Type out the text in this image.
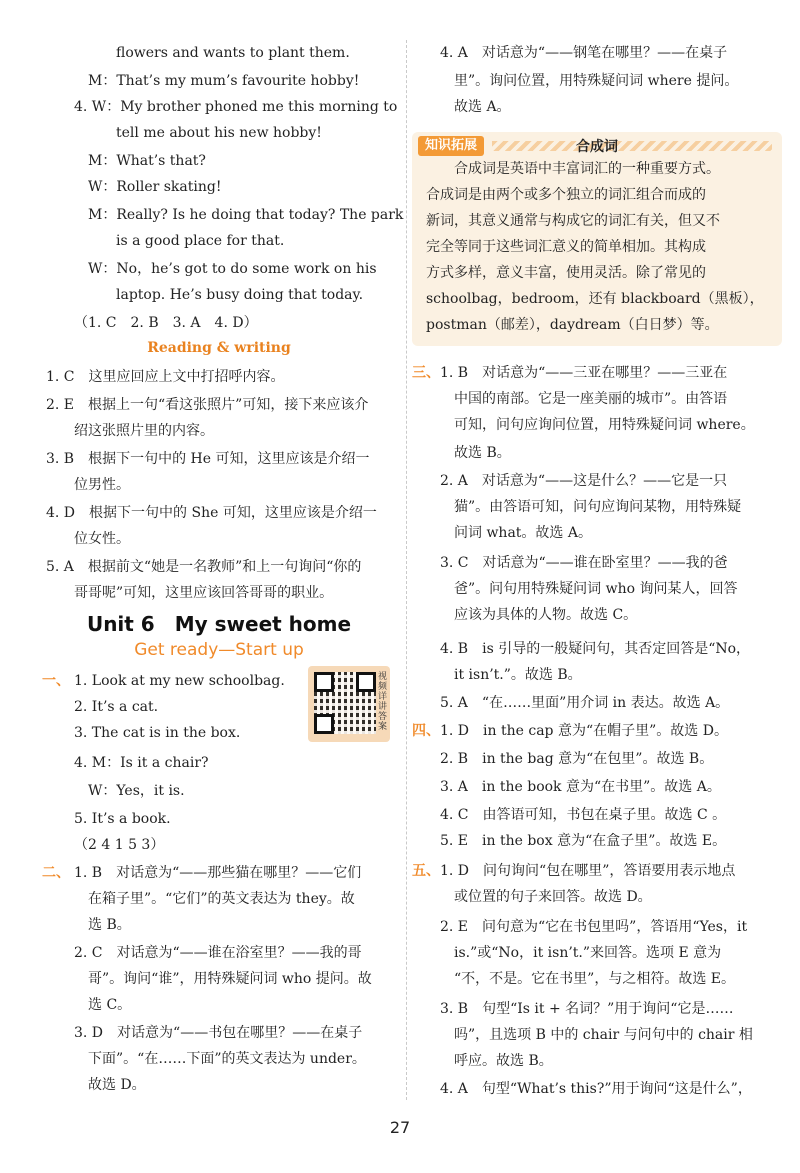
flowers and wants to plant them.
M：That’s my mum’s favourite hobby!
4. W：My brother phoned me this morning to
tell me about his new hobby!
M：What’s that?
W：Roller skating!
M：Really? Is he doing that today? The park
is a good place for that.
W：No，he’s got to do some work on his
laptop. He’s busy doing that today.
（1. C　2. B　3. A　4. D）
Reading & writing
1. C　这里应回应上文中打招呼内容。
2. E　根据上一句“看这张照片”可知，接下来应该介
绍这张照片里的内容。
3. B　根据下一句中的 He 可知，这里应该是介绍一
位男性。
4. D　根据下一句中的 She 可知，这里应该是介绍一
位女性。
5. A　根据前文“她是一名教师”和上一句询问“你的
哥哥呢”可知，这里应该回答哥哥的职业。
Unit 6　My sweet home
Get ready—Start up
一、 1. Look at my new schoolbag.
2. It’s a cat.
3. The cat is in the box.
4. M：Is it a chair?
W：Yes，it is.
5. It’s a book.
（2 4 1 5 3）
二、 1. B　对话意为“——那些猫在哪里？——它们
在箱子里”。“它们”的英文表达为 they。故
选 B。
2. C　对话意为“——谁在浴室里？——我的哥
哥”。询问“谁”，用特殊疑问词 who 提问。故
选 C。
3. D　对话意为“——书包在哪里？——在桌子
下面”。“在……下面”的英文表达为 under。
故选 D。
视频详讲答案
4. A　对话意为“——钢笔在哪里？——在桌子
里”。询问位置，用特殊疑问词 where 提问。
故选 A。
知识拓展	合成词
　　合成词是英语中丰富词汇的一种重要方式。
合成词是由两个或多个独立的词汇组合而成的
新词，其意义通常与构成它的词汇有关，但又不
完全等同于这些词汇意义的简单相加。其构成
方式多样，意义丰富，使用灵活。除了常见的
schoolbag，bedroom，还有 blackboard（黑板），
postman（邮差），daydream（白日梦）等。
三、 1. B　对话意为“——三亚在哪里？——三亚在
中国的南部。它是一座美丽的城市”。由答语
可知，问句应询问位置，用特殊疑问词 where。
故选 B。
2. A　对话意为“——这是什么？——它是一只
猫”。由答语可知，问句应询问某物，用特殊疑
问词 what。故选 A。
3. C　对话意为“——谁在卧室里？——我的爸
爸”。问句用特殊疑问词 who 询问某人，回答
应该为具体的人物。故选 C。
4. B　is 引导的一般疑问句，其否定回答是“No，
it isn’t.”。故选 B。
5. A　“在……里面”用介词 in 表达。故选 A。
四、 1. D　in the cap 意为“在帽子里”。故选 D。
2. B　in the bag 意为“在包里”。故选 B。
3. A　in the book 意为“在书里”。故选 A。
4. C　由答语可知，书包在桌子里。故选 C 。
5. E　in the box 意为“在盒子里”。故选 E。
五、 1. D　问句询问“包在哪里”，答语要用表示地点
或位置的句子来回答。故选 D。
2. E　问句意为“它在书包里吗”，答语用“Yes，it
is.”或“No，it isn’t.”来回答。选项 E 意为
“不，不是。它在书里”，与之相符。故选 E。
3. B　句型“Is it + 名词？”用于询问“它是……
吗”，且选项 B 中的 chair 与问句中的 chair 相
呼应。故选 B。
4. A　句型“What’s this?”用于询问“这是什么”，
27
